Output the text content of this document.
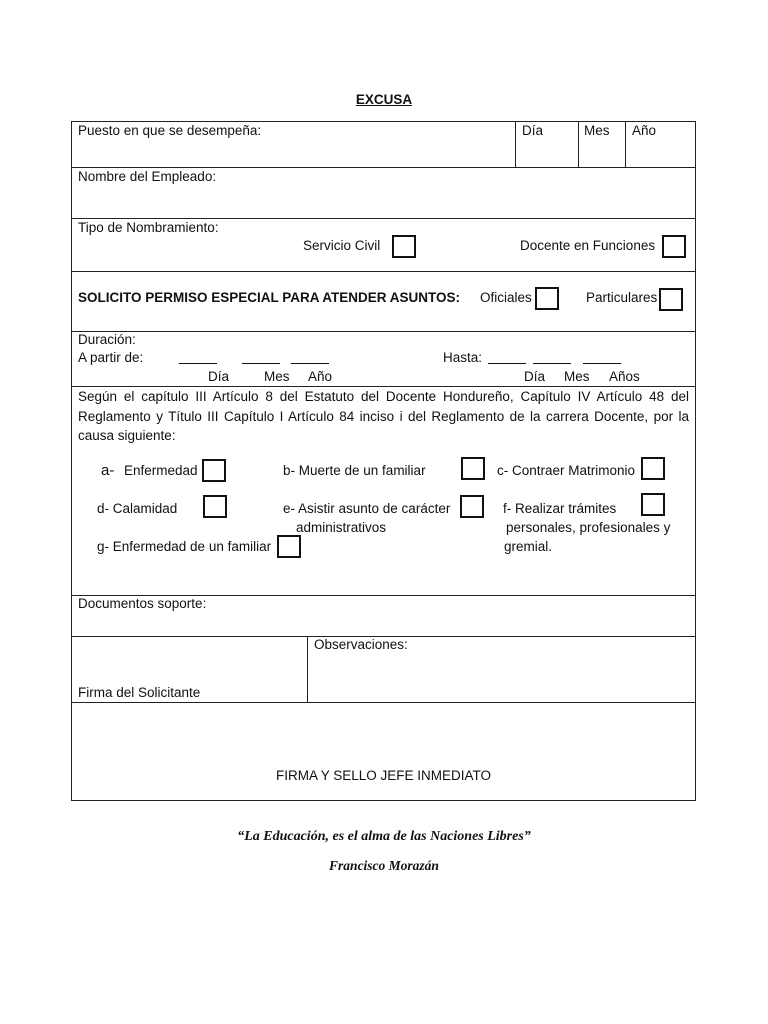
EXCUSA
Puesto en que se desempeña:	Día	Mes Año
Nombre del Empleado:
Tipo de Nombramiento:
Servicio Civil	Docente en Funciones
SOLICITO PERMISO ESPECIAL PARA ATENDER ASUNTOS: Oficiales	Particulares
Duración:
A partir de:	Hasta:
Día	Mes Año	Día Mes Años
Según el capítulo III Artículo 8 del Estatuto del Docente Hondureño, Capítulo IV Artículo 48 del
Reglamento y Título III Capítulo I Artículo 84 inciso i del Reglamento de la carrera Docente, por la
causa siguiente:
a- Enfermedad	b- Muerte de un familiar	c- Contraer Matrimonio
d- Calamidad	e- Asistir asunto de carácter
administrativos
f- Realizar trámites
personales, profesionales y
gremial.
g- Enfermedad de un familiar
Documentos soporte:
Firma del Solicitante
Observaciones:
FIRMA Y SELLO JEFE INMEDIATO
“La Educación, es el alma de las Naciones Libres”
Francisco Morazán
